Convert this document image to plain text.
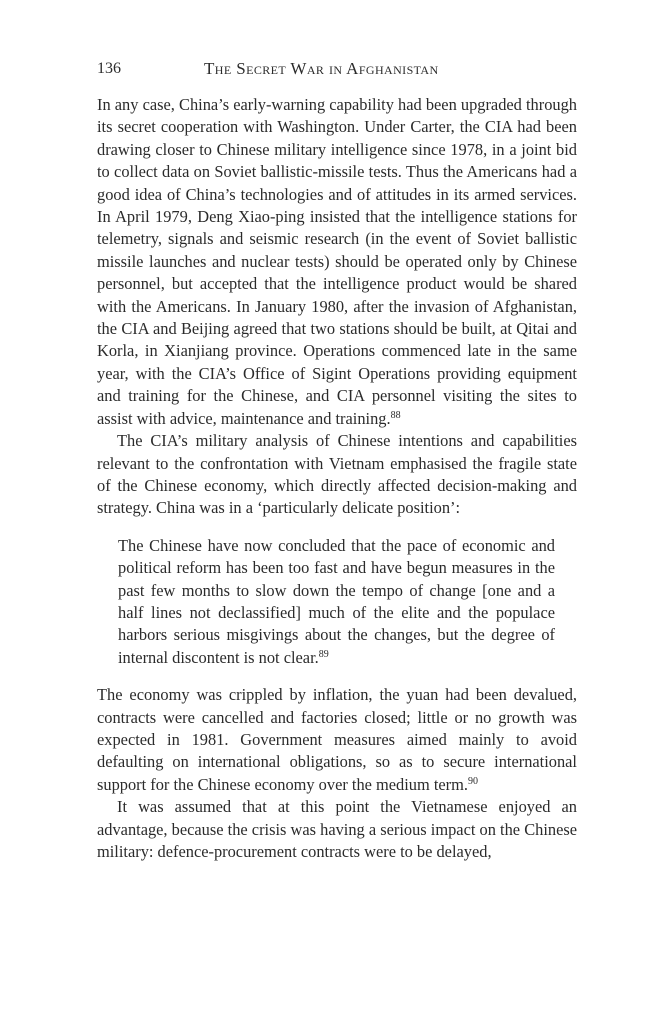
136	The Secret War in Afghanistan

In any case, China’s early-warning capability had been upgraded through its secret cooperation with Washington. Under Carter, the CIA had been drawing closer to Chinese military intelligence since 1978, in a joint bid to collect data on Soviet ballistic-missile tests. Thus the Americans had a good idea of China’s technologies and of attitudes in its armed services. In April 1979, Deng Xiao-ping insisted that the intelligence stations for telemetry, signals and seismic research (in the event of Soviet ballistic missile launches and nuclear tests) should be operated only by Chinese personnel, but accepted that the intelligence product would be shared with the Americans. In January 1980, after the invasion of Afghanistan, the CIA and Beijing agreed that two stations should be built, at Qitai and Korla, in Xianjiang province. Operations commenced late in the same year, with the CIA’s Office of Sigint Operations providing equipment and training for the Chinese, and CIA personnel visiting the sites to assist with advice, maintenance and training.$^{88}$

The CIA’s military analysis of Chinese intentions and capabilities relevant to the confrontation with Vietnam emphasised the fragile state of the Chinese economy, which directly affected decision-making and strategy. China was in a ‘particularly delicate position’:

The Chinese have now concluded that the pace of economic and political reform has been too fast and have begun measures in the past few months to slow down the tempo of change [one and a half lines not declassified] much of the elite and the populace harbors serious misgivings about the changes, but the degree of internal discontent is not clear.$^{89}$

The economy was crippled by inflation, the yuan had been devalued, contracts were cancelled and factories closed; little or no growth was expected in 1981. Government measures aimed mainly to avoid defaulting on international obligations, so as to secure international support for the Chinese economy over the medium term.$^{90}$

It was assumed that at this point the Vietnamese enjoyed an advantage, because the crisis was having a serious impact on the Chinese military: defence-procurement contracts were to be delayed,
